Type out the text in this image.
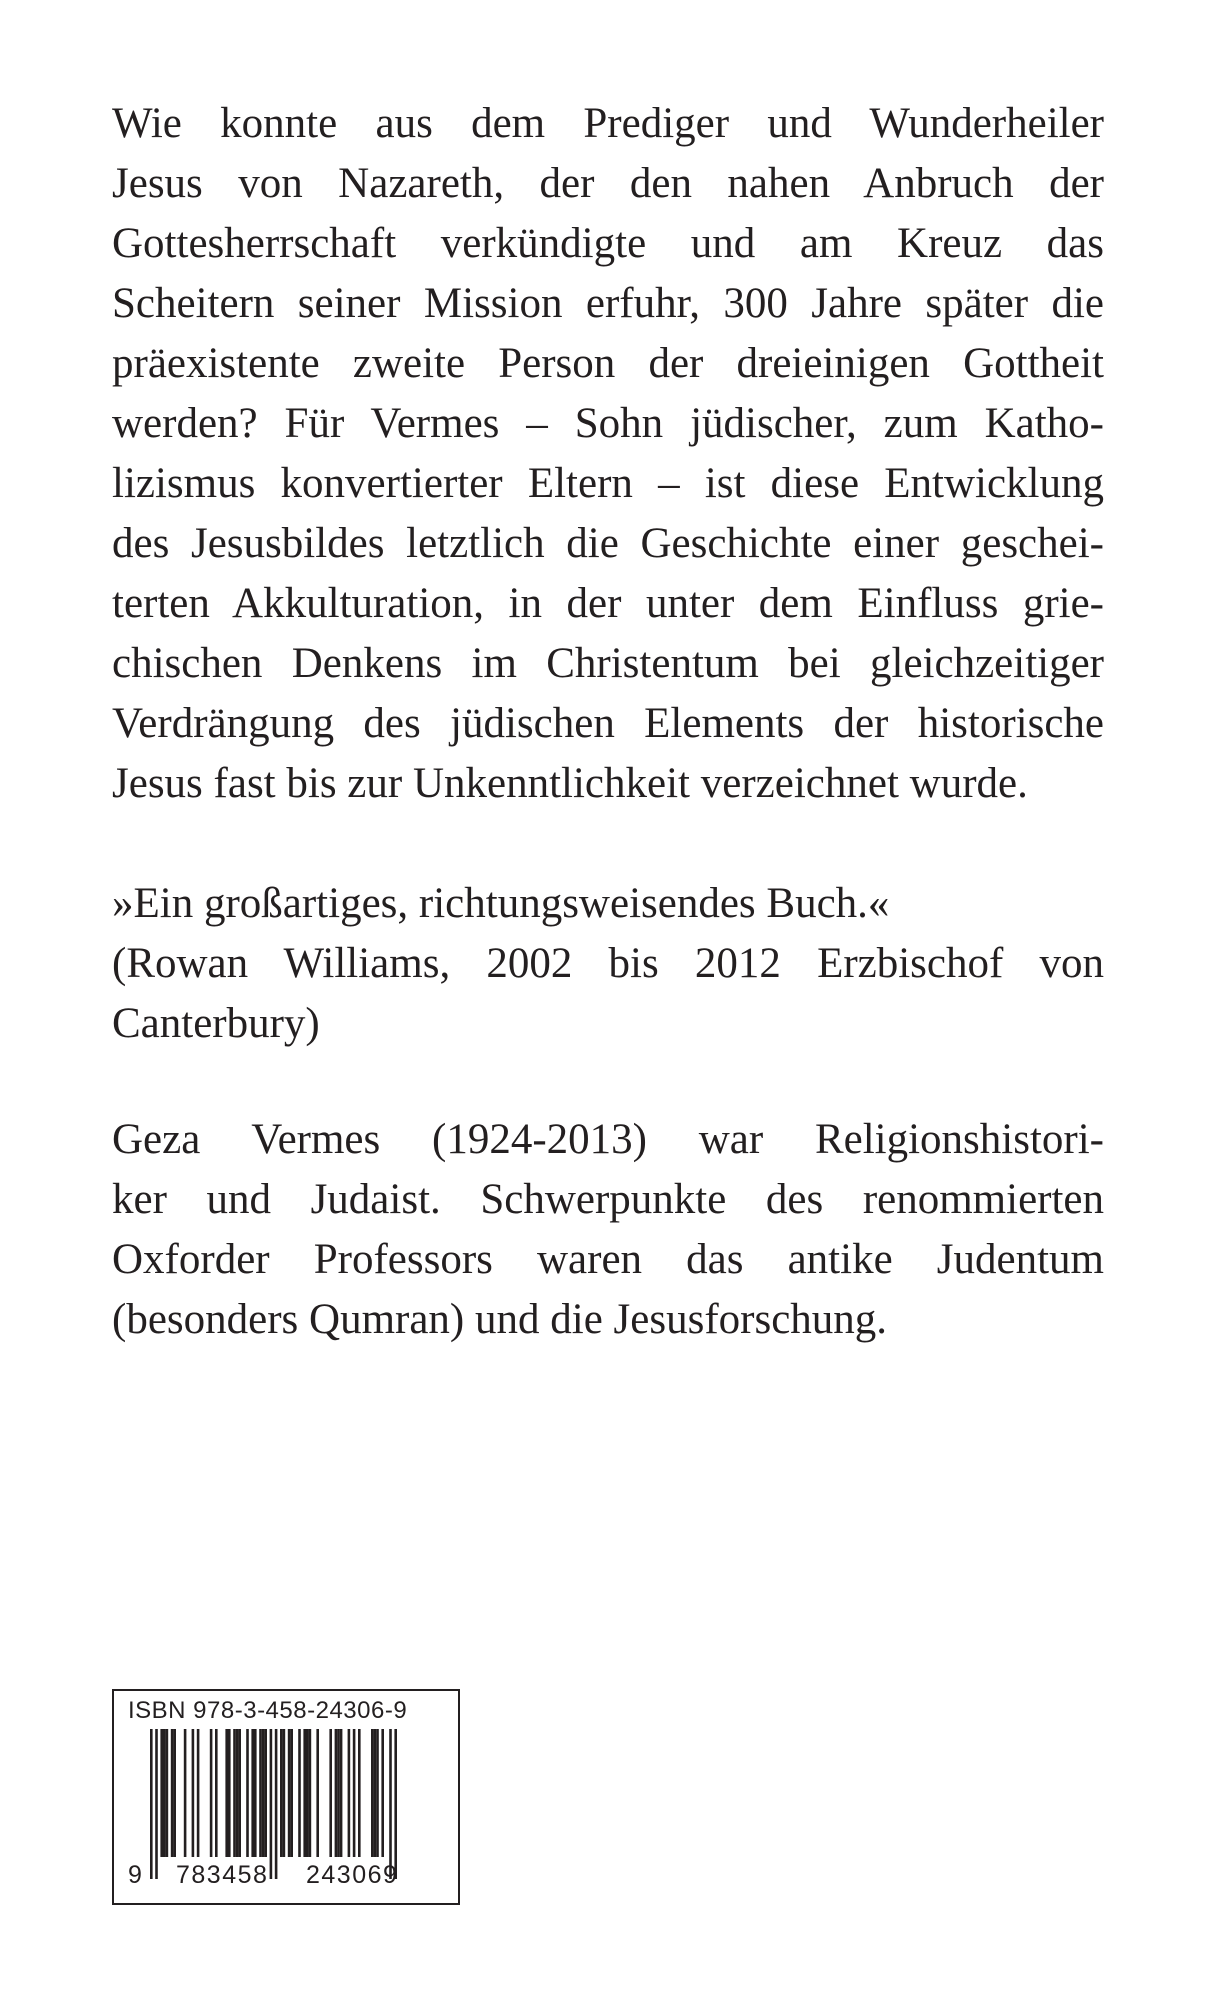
Wie konnte aus dem Prediger und Wunderheiler
Jesus von Nazareth, der den nahen Anbruch der
Gottesherrschaft verkündigte und am Kreuz das
Scheitern seiner Mission erfuhr, 300 Jahre später die
präexistente zweite Person der dreieinigen Gottheit
werden? Für Vermes – Sohn jüdischer, zum Katho-
lizismus konvertierter Eltern – ist diese Entwicklung
des Jesusbildes letztlich die Geschichte einer geschei-
terten Akkulturation, in der unter dem Einfluss grie-
chischen Denkens im Christentum bei gleichzeitiger
Verdrängung des jüdischen Elements der historische
Jesus fast bis zur Unkenntlichkeit verzeichnet wurde.

»Ein großartiges, richtungsweisendes Buch.«
(Rowan Williams, 2002 bis 2012 Erzbischof von
Canterbury)

Geza Vermes (1924-2013) war Religionshistori-
ker und Judaist. Schwerpunkte des renommierten
Oxforder Professors waren das antike Judentum
(besonders Qumran) und die Jesusforschung.

ISBN 978-3-458-24306-9
9 783458 243069
